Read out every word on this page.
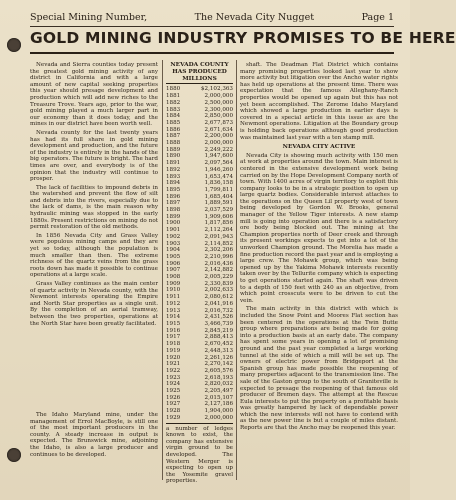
Special Mining Number,	The Nevada City Nugget	Page 1
GOLD MINING INDUSTRY PROMISES TO BE HERE

Nevada and Sierra counties today present the greatest gold mining activity of any district in California and with a large amount of new capital seeking properties this year should presage development and production which will add new riches to the Treasure Trove. Years ago, prior to the war, gold mining played a much larger part in our economy than it does today, and the mines in our district have been worth well.

Nevada county for the last twenty years has had its full share in gold mining development and production, and the future of the industry is entirely in the hands of the big operators. The future is bright. The hard times are over, and everybody is of the opinion that the industry will continue to prosper.

The lack of facilities to impound debris in the watershed and prevent the flow of silt and debris into the rivers, especially due to the lack of dams, is the main reason why hydraulic mining was stopped in the early 1880s. Present restrictions on mining do not permit restoration of the old methods.

In 1856 Nevada City and Grass Valley were populous mining camps and they are yet so today, although the population is much smaller than then. The extreme richness of the quartz veins from the grass roots down has made it possible to continue operations at a large scale.

Grass Valley continues as the main center of quartz activity in Nevada county, with the Newmont interests operating the Empire and North Star properties as a single unit. By the completion of an aerial tramway, between the two properties, operations at the North Star have been greatly facilitated.

NEVADA COUNTY HAS PRODUCED MILLIONS
1880	$2,102,363
1881	2,000,000
1882	2,500,000
1883	2,300,000
1884	2,850,000
1885	2,677,873
1886	2,671,634
1887	2,200,000
1888	2,000,000
1889	2,249,222
1890	1,947,600
1891	2,097,564
1892	1,946,260
1893	1,653,474
1894	1,836,158
1895	1,799,811
1896	1,685,404
1897	1,889,591
1898	2,037,529
1899	1,909,606
1900	1,817,856
1901	2,112,264
1902	2,091,943
1903	2,114,852
1904	2,302,206
1905	2,210,996
1906	2,016,436
1907	2,142,882
1908	2,005,229
1909	2,330,839
1910	2,002,633
1911	2,080,612
1912	2,041,916
1913	2,016,732
1914	2,431,526
1915	3,466,739
1916	2,845,219
1917	2,888,413
1918	2,670,452
1919	2,448,313
1920	2,261,126
1921	2,270,142
1922	2,605,576
1923	2,618,193
1924	2,820,032
1925	2,205,497
1926	2,015,107
1927	2,127,186
1928	1,904,000
1929	2,000,000

a number of ledges known to exist, the company has extensive virgin ground to be developed. The Western Merger is expecting to open up the Yosemite gravel properties.

shaft. The Deadman Flat District which contains many promising properties looked last year to show more activity but litigation over the Ancho water rights has held up operations at the present time. There was expectation that the famous Alleghany-Ranch properties would be opened up again but this has not yet been accomplished. The Zerome Idaho Maryland which showed a large production in earlier days is covered in a special article in this issue as are the Newmont operations. Litigation at the Boundary group is holding back operations although good production was maintained last year with a ten stamp mill.

NEVADA CITY ACTIVE

Nevada City is showing much activity with 150 men at work at properties around the town. Main interest is centered in the extensive development work being carried on by the Hope Development Company north of town. With 1400 acres of virgin territory to exploit this company looks to be in a strategic position to open up large quartz bodies. Considerable interest attaches to the operations on the Queen Lil property west of town being developed by Gordon W. Brooks, general manager of the Yellow Tiger interests. A new stamp mill is going into operation and there is a satisfactory ore body being blocked out. The mining at the Champion properties north of Deer creek and through its present workings expects to get into a lot of the unworked Champion ground. The Morelia has made a fine production record the past year and is employing a large crew. The Mohawk group, which was being opened up by the Yakima Mohawk interests recently taken over by the Tellurite company which is expecting to get operations started again. The shaft was driven to a depth of 150 feet with 240 as an objective, from which point crosscuts were to be driven to cut the vein.

The main activity in this district with which is included the Snow Point and Moores Flat section has been centered in the operations at the Twin Butte group where preparations are being made for going into a production basis at an early date. The company has spent some years in opening a lot of promising ground and the past year completed a large working tunnel at the side of which a mill will be set up. The owners of electric power from Bridgeport at the Spanish group has made possible the reopening of many properties adjacent to the transmission line. The sale of the Gaston group to the south of Graniteville is expected to presage the reopening of that famous old producer of Bremen days. The attempt at the Rescue Eula interests to put the property on a profitable basis was greatly hampered by lack of dependable power which the new interests will not have to contend with as the new power line is but a couple of miles distant. Reports are that the Ancho may be reopened this year.

The Idaho Maryland mine, under the management of Errol MacBoyle, is still one of the most important producers in the county. A steady increase in output is expected. The Brunswick mine, adjoining the Idaho, is also a large producer and continues to be developed.
